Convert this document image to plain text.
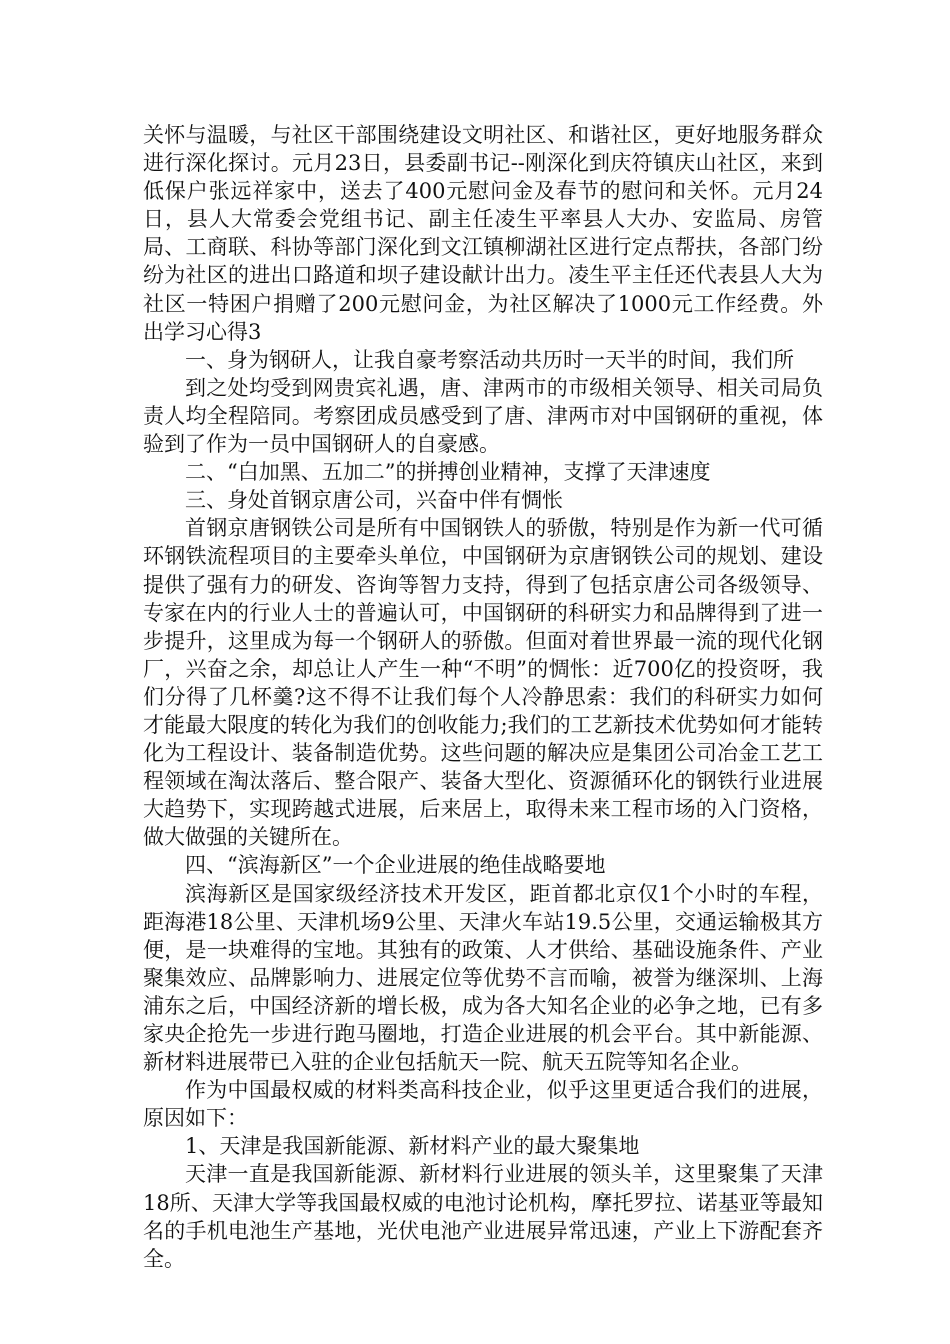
关怀与温暖，与社区干部围绕建设文明社区、和谐社区，更好地服务群众进行深化探讨。元月23日，县委副书记--刚深化到庆符镇庆山社区，来到低保户张远祥家中，送去了400元慰问金及春节的慰问和关怀。元月24日，县人大常委会党组书记、副主任凌生平率县人大办、安监局、房管局、工商联、科协等部门深化到文江镇柳湖社区进行定点帮扶，各部门纷纷为社区的进出口路道和坝子建设献计出力。凌生平主任还代表县人大为社区一特困户捐赠了200元慰问金，为社区解决了1000元工作经费。外出学习心得3

一、身为钢研人，让我自豪考察活动共历时一天半的时间，我们所

到之处均受到网贵宾礼遇，唐、津两市的市级相关领导、相关司局负责人均全程陪同。考察团成员感受到了唐、津两市对中国钢研的重视，体验到了作为一员中国钢研人的自豪感。

二、“白加黑、五加二”的拼搏创业精神，支撑了天津速度

三、身处首钢京唐公司，兴奋中伴有惆怅

首钢京唐钢铁公司是所有中国钢铁人的骄傲，特别是作为新一代可循环钢铁流程项目的主要牵头单位，中国钢研为京唐钢铁公司的规划、建设提供了强有力的研发、咨询等智力支持，得到了包括京唐公司各级领导、专家在内的行业人士的普遍认可，中国钢研的科研实力和品牌得到了进一步提升，这里成为每一个钢研人的骄傲。但面对着世界最一流的现代化钢厂，兴奋之余，却总让人产生一种“不明”的惆怅：近700亿的投资呀，我们分得了几杯羹?这不得不让我们每个人冷静思索：我们的科研实力如何才能最大限度的转化为我们的创收能力;我们的工艺新技术优势如何才能转化为工程设计、装备制造优势。这些问题的解决应是集团公司冶金工艺工程领域在淘汰落后、整合限产、装备大型化、资源循环化的钢铁行业进展大趋势下，实现跨越式进展，后来居上，取得未来工程市场的入门资格，做大做强的关键所在。

四、“滨海新区”一个企业进展的绝佳战略要地

滨海新区是国家级经济技术开发区，距首都北京仅1个小时的车程，距海港18公里、天津机场9公里、天津火车站19.5公里，交通运输极其方便，是一块难得的宝地。其独有的政策、人才供给、基础设施条件、产业聚集效应、品牌影响力、进展定位等优势不言而喻，被誉为继深圳、上海浦东之后，中国经济新的增长极，成为各大知名企业的必争之地，已有多家央企抢先一步进行跑马圈地，打造企业进展的机会平台。其中新能源、新材料进展带已入驻的企业包括航天一院、航天五院等知名企业。

作为中国最权威的材料类高科技企业，似乎这里更适合我们的进展，原因如下：

1、天津是我国新能源、新材料产业的最大聚集地

天津一直是我国新能源、新材料行业进展的领头羊，这里聚集了天津18所、天津大学等我国最权威的电池讨论机构，摩托罗拉、诺基亚等最知名的手机电池生产基地，光伏电池产业进展异常迅速，产业上下游配套齐全。
